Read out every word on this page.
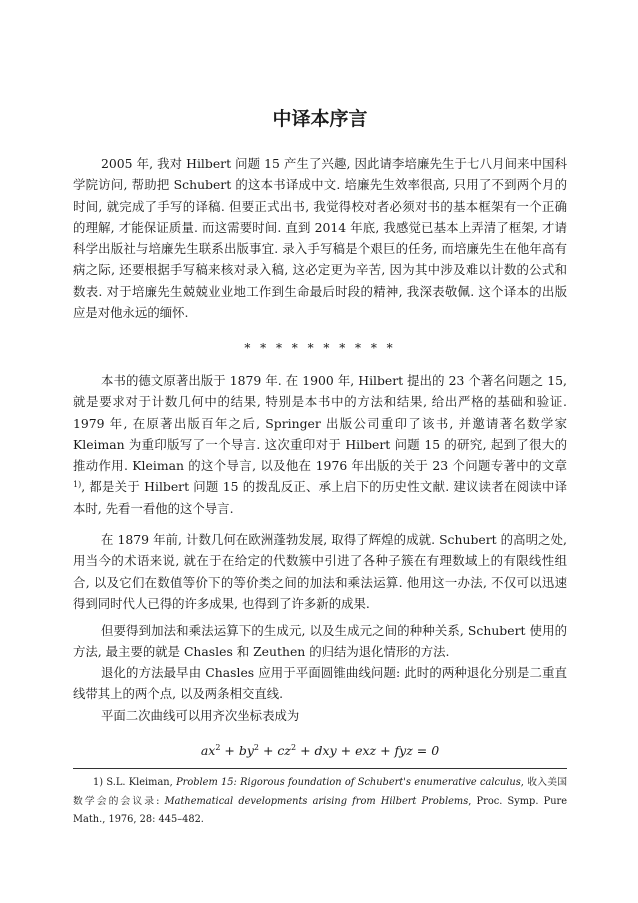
中译本序言

2005 年, 我对 Hilbert 问题 15 产生了兴趣, 因此请李培廉先生于七八月间来中国科学院访问, 帮助把 Schubert 的这本书译成中文. 培廉先生效率很高, 只用了不到两个月的时间, 就完成了手写的译稿. 但要正式出书, 我觉得校对者必须对书的基本框架有一个正确的理解, 才能保证质量. 而这需要时间. 直到 2014 年底, 我感觉已基本上弄清了框架, 才请科学出版社与培廉先生联系出版事宜. 录入手写稿是个艰巨的任务, 而培廉先生在他年高有病之际, 还要根据手写稿来核对录入稿, 这必定更为辛苦, 因为其中涉及难以计数的公式和数表. 对于培廉先生兢兢业业地工作到生命最后时段的精神, 我深表敬佩. 这个译本的出版应是对他永远的缅怀.

* * * * * * * * * *

本书的德文原著出版于 1879 年. 在 1900 年, Hilbert 提出的 23 个著名问题之 15, 就是要求对于计数几何中的结果, 特别是本书中的方法和结果, 给出严格的基础和验证. 1979 年, 在原著出版百年之后, Springer 出版公司重印了该书, 并邀请著名数学家 Kleiman 为重印版写了一个导言. 这次重印对于 Hilbert 问题 15 的研究, 起到了很大的推动作用. Kleiman 的这个导言, 以及他在 1976 年出版的关于 23 个问题专著中的文章 $^{1)}$, 都是关于 Hilbert 问题 15 的拨乱反正、承上启下的历史性文献. 建议读者在阅读中译本时, 先看一看他的这个导言.

在 1879 年前, 计数几何在欧洲蓬勃发展, 取得了辉煌的成就. Schubert 的高明之处, 用当今的术语来说, 就在于在给定的代数簇中引进了各种子簇在有理数域上的有限线性组合, 以及它们在数值等价下的等价类之间的加法和乘法运算. 他用这一办法, 不仅可以迅速得到同时代人已得的许多成果, 也得到了许多新的成果.

但要得到加法和乘法运算下的生成元, 以及生成元之间的种种关系, Schubert 使用的方法, 最主要的就是 Chasles 和 Zeuthen 的归结为退化情形的方法.

退化的方法最早由 Chasles 应用于平面圆锥曲线问题: 此时的两种退化分别是二重直线带其上的两个点, 以及两条相交直线.

平面二次曲线可以用齐次坐标表成为

$ax^2 + by^2 + cz^2$ + dxy + exz + fyz = 0
1) S.L. Kleiman, Problem 15: Rigorous foundation of Schubert's enumerative calculus, 收入美国数学会的会议录: Mathematical developments arising from Hilbert Problems, Proc. Symp. Pure Math., 1976, 28: 445–482.
